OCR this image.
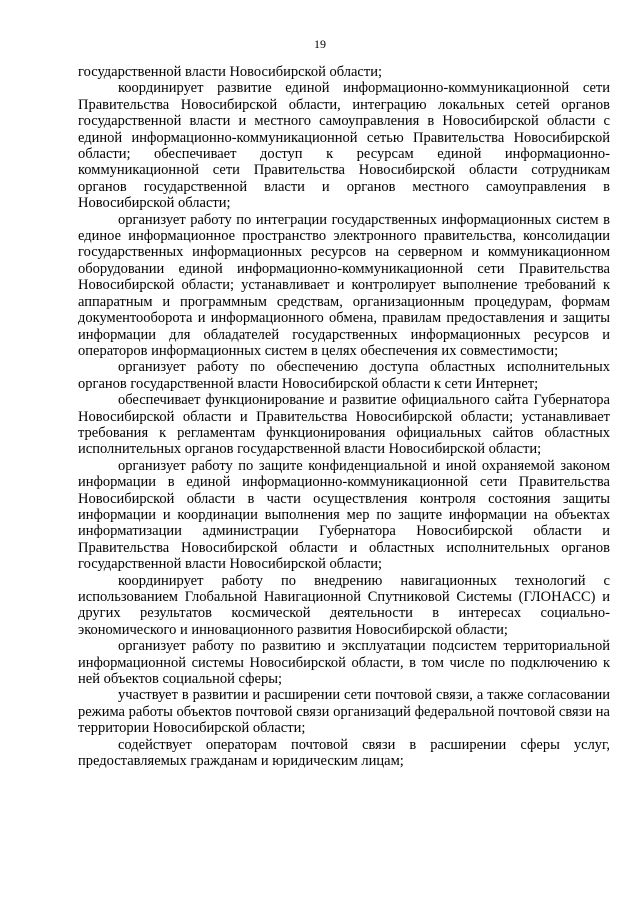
19

государственной власти Новосибирской области;

координирует развитие единой информационно-коммуникационной сети Правительства Новосибирской области, интеграцию локальных сетей органов государственной власти и местного самоуправления в Новосибирской области с единой информационно-коммуникационной сетью Правительства Новосибирской области; обеспечивает доступ к ресурсам единой информационно-коммуникационной сети Правительства Новосибирской области сотрудникам органов государственной власти и органов местного самоуправления в Новосибирской области;

организует работу по интеграции государственных информационных систем в единое информационное пространство электронного правительства, консолидации государственных информационных ресурсов на серверном и коммуникационном оборудовании единой информационно-коммуникационной сети Правительства Новосибирской области; устанавливает и контролирует выполнение требований к аппаратным и программным средствам, организационным процедурам, формам документооборота и информационного обмена, правилам предоставления и защиты информации для обладателей государственных информационных ресурсов и операторов информационных систем в целях обеспечения их совместимости;

организует работу по обеспечению доступа областных исполнительных органов государственной власти Новосибирской области к сети Интернет;

обеспечивает функционирование и развитие официального сайта Губернатора Новосибирской области и Правительства Новосибирской области; устанавливает требования к регламентам функционирования официальных сайтов областных исполнительных органов государственной власти Новосибирской области;

организует работу по защите конфиденциальной и иной охраняемой законом информации в единой информационно-коммуникационной сети Правительства Новосибирской области в части осуществления контроля состояния защиты информации и координации выполнения мер по защите информации на объектах информатизации администрации Губернатора Новосибирской области и Правительства Новосибирской области и областных исполнительных органов государственной власти Новосибирской области;

координирует работу по внедрению навигационных технологий с использованием Глобальной Навигационной Спутниковой Системы (ГЛОНАСС) и других результатов космической деятельности в интересах социально-экономического и инновационного развития Новосибирской области;

организует работу по развитию и эксплуатации подсистем территориальной информационной системы Новосибирской области, в том числе по подключению к ней объектов социальной сферы;

участвует в развитии и расширении сети почтовой связи, а также согласовании режима работы объектов почтовой связи организаций федеральной почтовой связи на территории Новосибирской области;

содействует операторам почтовой связи в расширении сферы услуг, предоставляемых гражданам и юридическим лицам;
